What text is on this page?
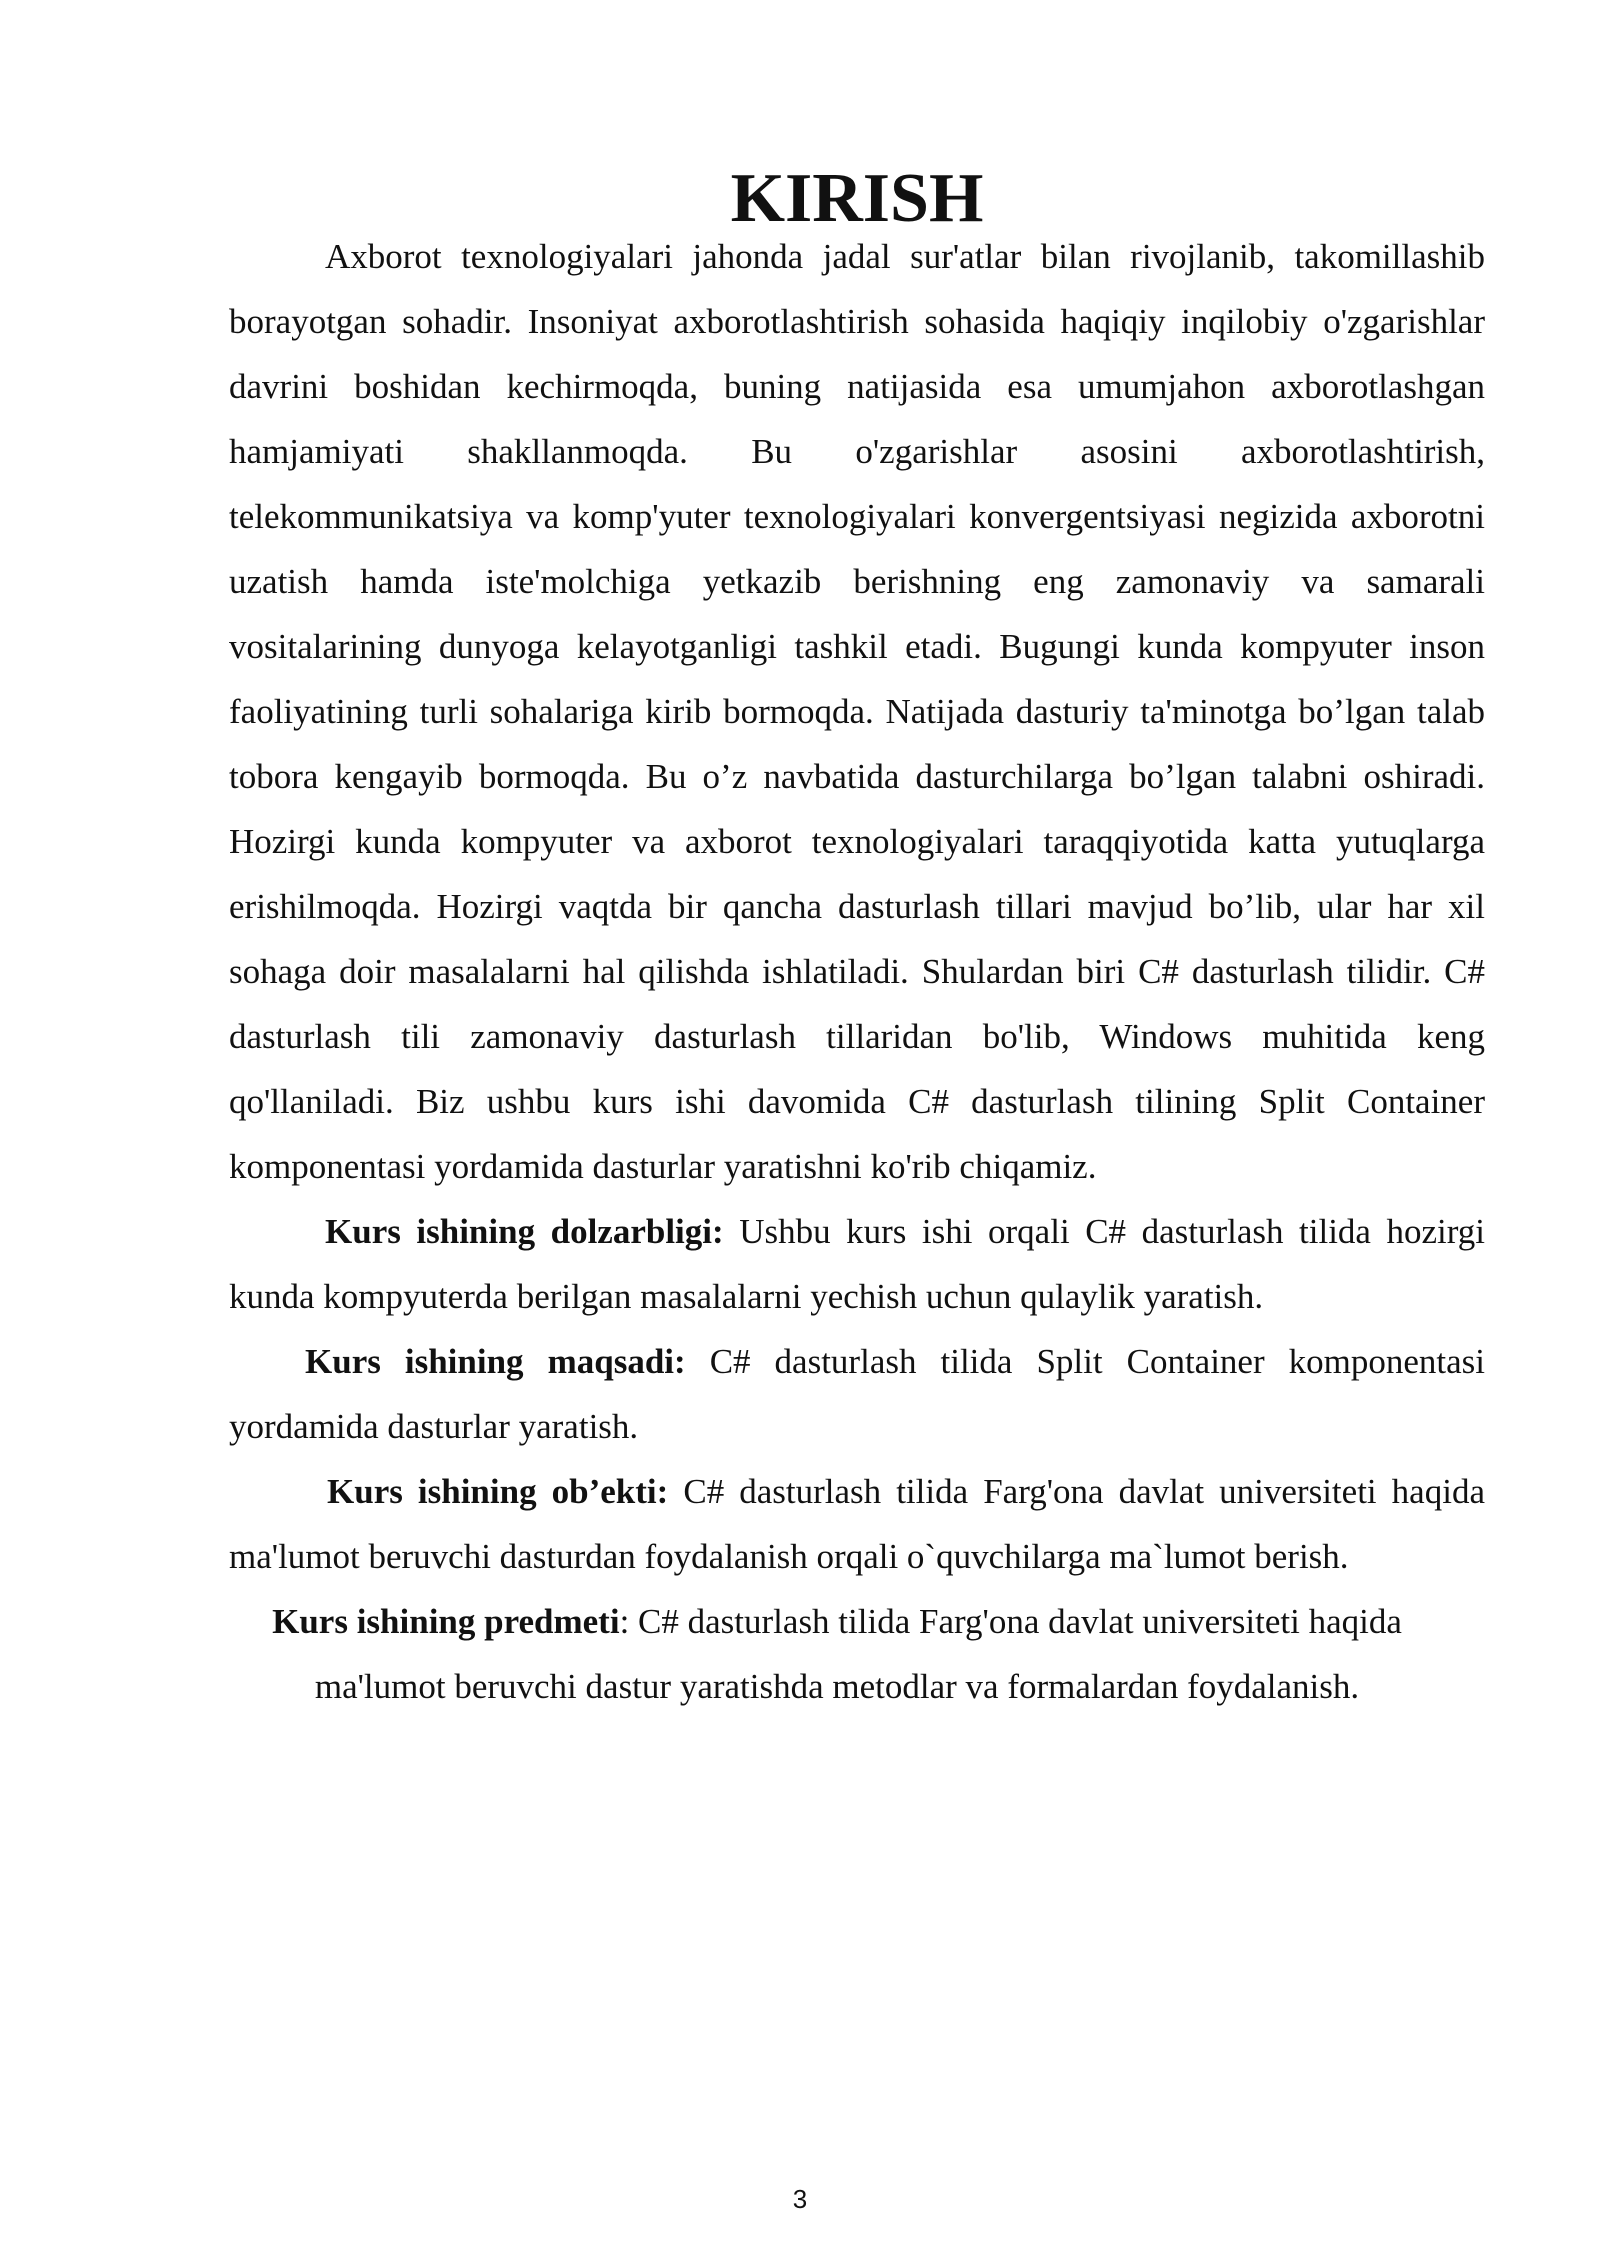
KIRISH

Axborot texnologiyalari jahonda jadal sur'atlar bilan rivojlanib, takomillashib borayotgan sohadir. Insoniyat axborotlashtirish sohasida haqiqiy inqilobiy o'zgarishlar davrini boshidan kechirmoqda, buning natijasida esa umumjahon axborotlashgan hamjamiyati shakllanmoqda. Bu o'zgarishlar asosini axborotlashtirish, telekommunikatsiya va komp'yuter texnologiyalari konvergentsiyasi negizida axborotni uzatish hamda iste'molchiga yetkazib berishning eng zamonaviy va samarali vositalarining dunyoga kelayotganligi tashkil etadi. Bugungi kunda kompyuter inson faoliyatining turli sohalariga kirib bormoqda. Natijada dasturiy ta'minotga bo’lgan talab tobora kengayib bormoqda. Bu o’z navbatida dasturchilarga bo’lgan talabni oshiradi. Hozirgi kunda kompyuter va axborot texnologiyalari taraqqiyotida katta yutuqlarga erishilmoqda. Hozirgi vaqtda bir qancha dasturlash tillari mavjud bo’lib, ular har xil sohaga doir masalalarni hal qilishda ishlatiladi. Shulardan biri C# dasturlash tilidir. C# dasturlash tili zamonaviy dasturlash tillaridan bo'lib, Windows muhitida keng qo'llaniladi. Biz ushbu kurs ishi davomida C# dasturlash tilining Split Container komponentasi yordamida dasturlar yaratishni ko'rib chiqamiz.

Kurs ishining dolzarbligi: Ushbu kurs ishi orqali C# dasturlash tilida hozirgi kunda kompyuterda berilgan masalalarni yechish uchun qulaylik yaratish.

Kurs ishining maqsadi: C# dasturlash tilida Split Container komponentasi yordamida dasturlar yaratish.

Kurs ishining ob’ekti: C# dasturlash tilida Farg'ona davlat universiteti haqida ma'lumot beruvchi dasturdan foydalanish orqali o`quvchilarga ma`lumot berish.

Kurs ishining predmeti: C# dasturlash tilida Farg'ona davlat universiteti haqida ma'lumot beruvchi dastur yaratishda metodlar va formalardan foydalanish.

3
